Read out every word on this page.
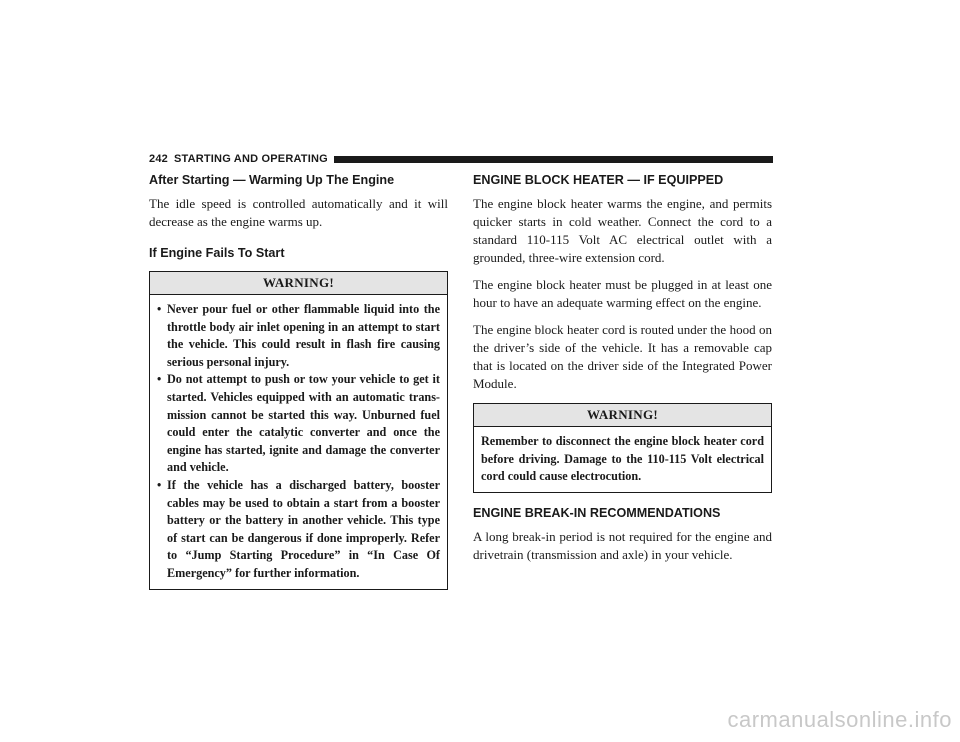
242 STARTING AND OPERATING
After Starting — Warming Up The Engine

The idle speed is controlled automatically and it will decrease as the engine warms up.

If Engine Fails To Start
WARNING!
• Never pour fuel or other flammable liquid into the throttle body air inlet opening in an attempt to start the vehicle. This could result in flash fire causing serious personal injury.
• Do not attempt to push or tow your vehicle to get it started. Vehicles equipped with an automatic trans-mission cannot be started this way. Unburned fuel could enter the catalytic converter and once the engine has started, ignite and damage the converter and vehicle.
• If the vehicle has a discharged battery, booster cables may be used to obtain a start from a booster battery or the battery in another vehicle. This type of start can be dangerous if done improperly. Refer to “Jump Starting Procedure” in “In Case Of Emergency” for further information.
ENGINE BLOCK HEATER — IF EQUIPPED

The engine block heater warms the engine, and permits quicker starts in cold weather. Connect the cord to a standard 110-115 Volt AC electrical outlet with a grounded, three-wire extension cord.

The engine block heater must be plugged in at least one hour to have an adequate warming effect on the engine.

The engine block heater cord is routed under the hood on the driver’s side of the vehicle. It has a removable cap that is located on the driver side of the Integrated Power Module.

WARNING!

Remember to disconnect the engine block heater cord before driving. Damage to the 110-115 Volt electrical cord could cause electrocution.

ENGINE BREAK-IN RECOMMENDATIONS

A long break-in period is not required for the engine and drivetrain (transmission and axle) in your vehicle.

carmanualsonline.info
